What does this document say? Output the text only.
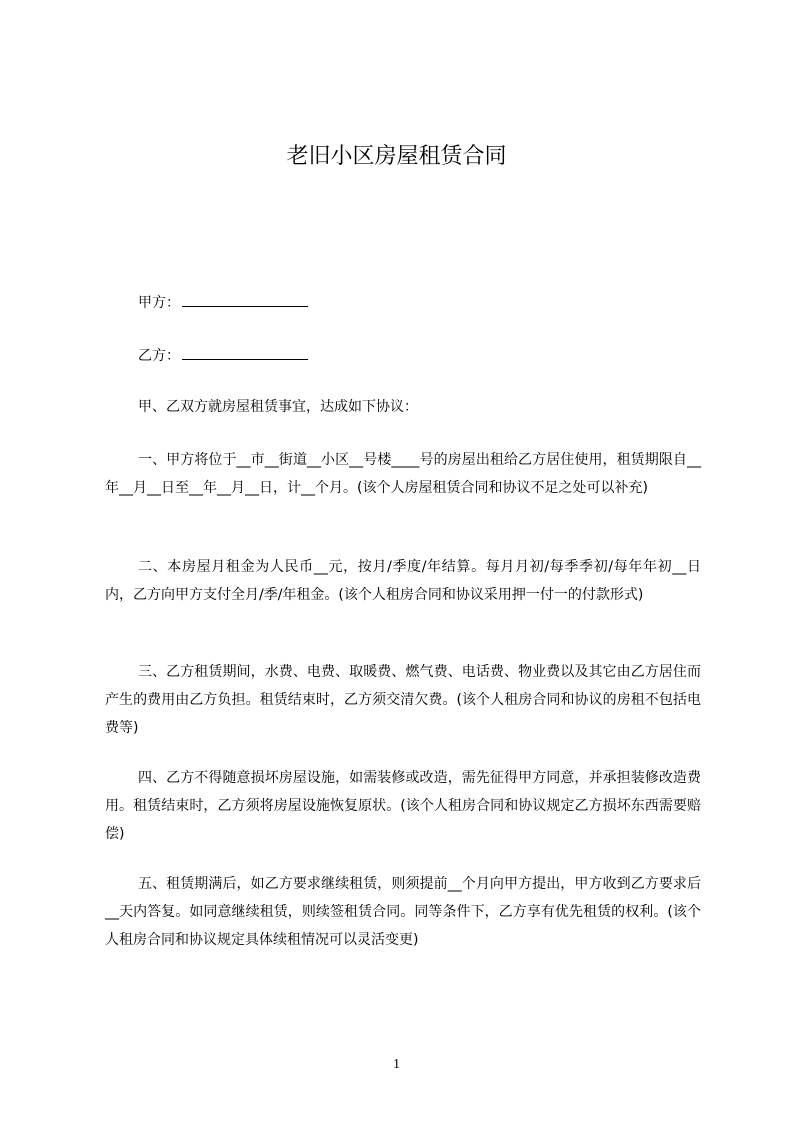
老旧小区房屋租赁合同
甲方：
乙方：
甲、乙双方就房屋租赁事宜，达成如下协议：

一、甲方将位于__市__街道__小区__号楼____号的房屋出租给乙方居住使用，租赁期限自__年__月__日至__年__月__日，计__个月。(该个人房屋租赁合同和协议不足之处可以补充)

二、本房屋月租金为人民币__元，按月/季度/年结算。每月月初/每季季初/每年年初__日内，乙方向甲方支付全月/季/年租金。(该个人租房合同和协议采用押一付一的付款形式)

三、乙方租赁期间，水费、电费、取暖费、燃气费、电话费、物业费以及其它由乙方居住而产生的费用由乙方负担。租赁结束时，乙方须交清欠费。(该个人租房合同和协议的房租不包括电费等)

四、乙方不得随意损坏房屋设施，如需装修或改造，需先征得甲方同意，并承担装修改造费用。租赁结束时，乙方须将房屋设施恢复原状。(该个人租房合同和协议规定乙方损坏东西需要赔偿)

五、租赁期满后，如乙方要求继续租赁，则须提前__个月向甲方提出，甲方收到乙方要求后__天内答复。如同意继续租赁，则续签租赁合同。同等条件下，乙方享有优先租赁的权利。(该个人租房合同和协议规定具体续租情况可以灵活变更)

1
